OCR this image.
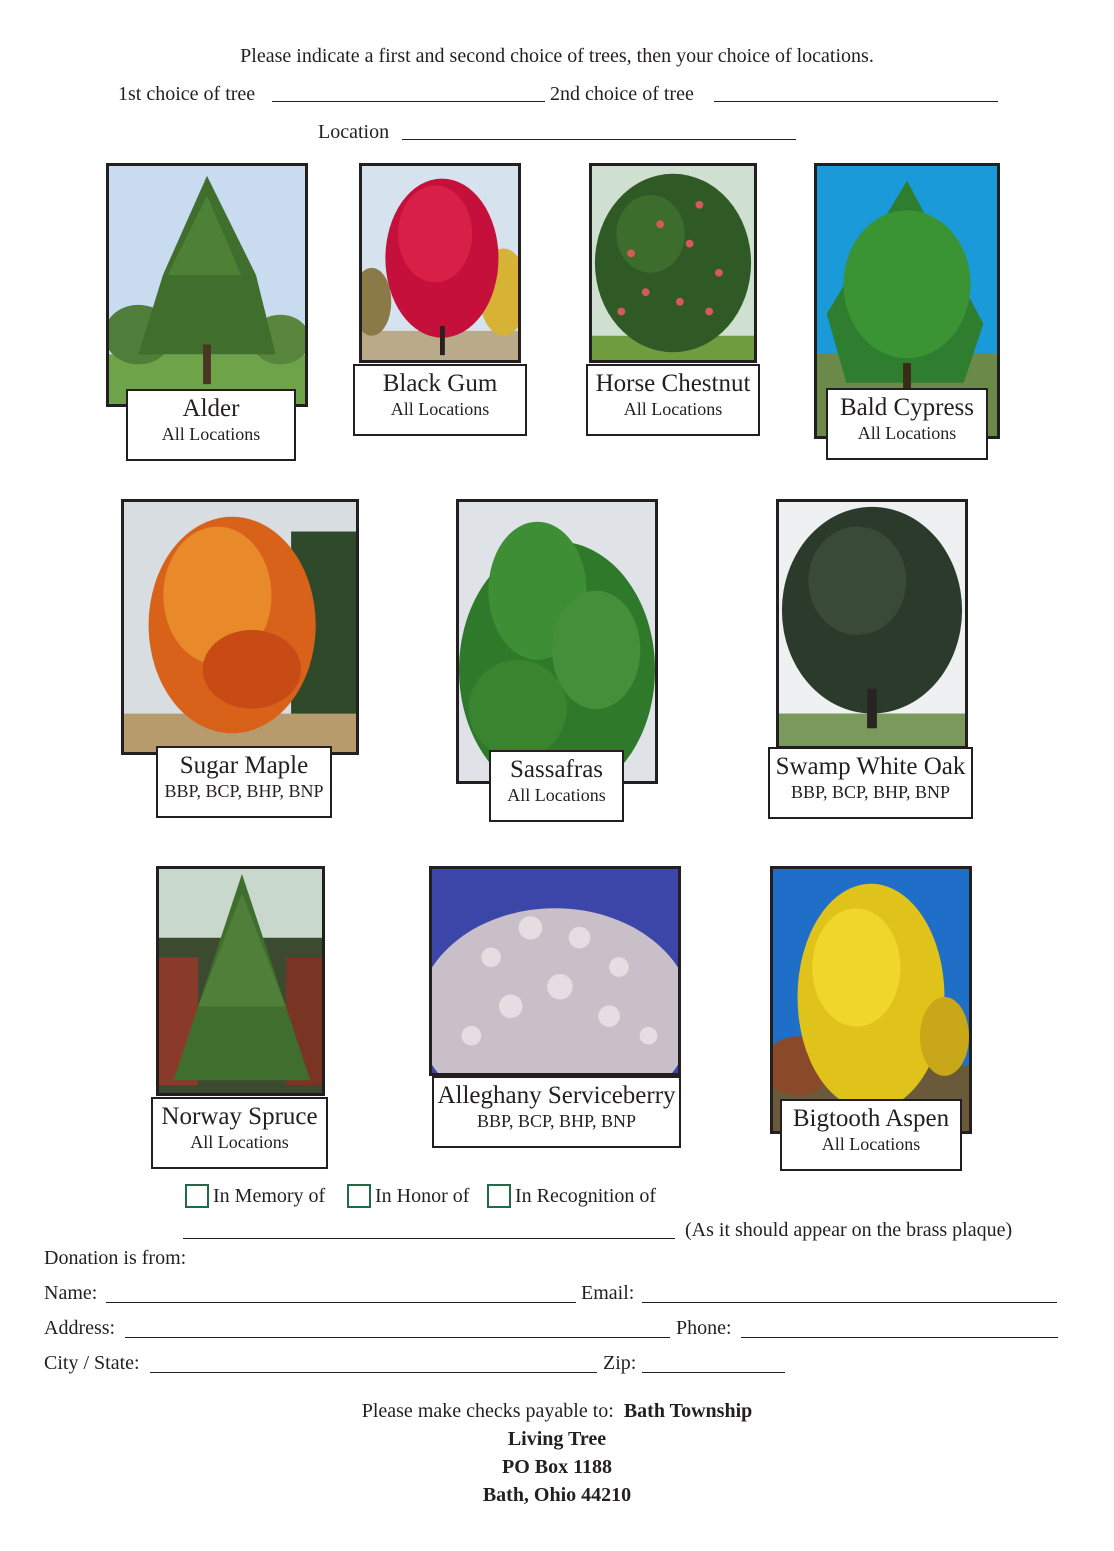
Please indicate a first and second choice of trees, then your choice of locations.
1st choice of tree	2nd choice of tree
Location
Alder
All Locations
Black Gum
All Locations
Horse Chestnut
All Locations	Bald Cypress
All Locations
Sugar Maple
BBP, BCP, BHP, BNP
Sassafras
All Locations
Swamp White Oak
BBP, BCP, BHP, BNP
Norway Spruce
All Locations
Alleghany Serviceberry
BBP, BCP, BHP, BNP	Bigtooth Aspen
All Locations
In Memory of In Honor of In Recognition of
(As it should appear on the brass plaque)
Donation is from:
Name:	Email:
Address:	Phone:
City / State:	Zip:
Please make checks payable to: Bath Township
Living Tree
PO Box 1188
Bath, Ohio 44210
